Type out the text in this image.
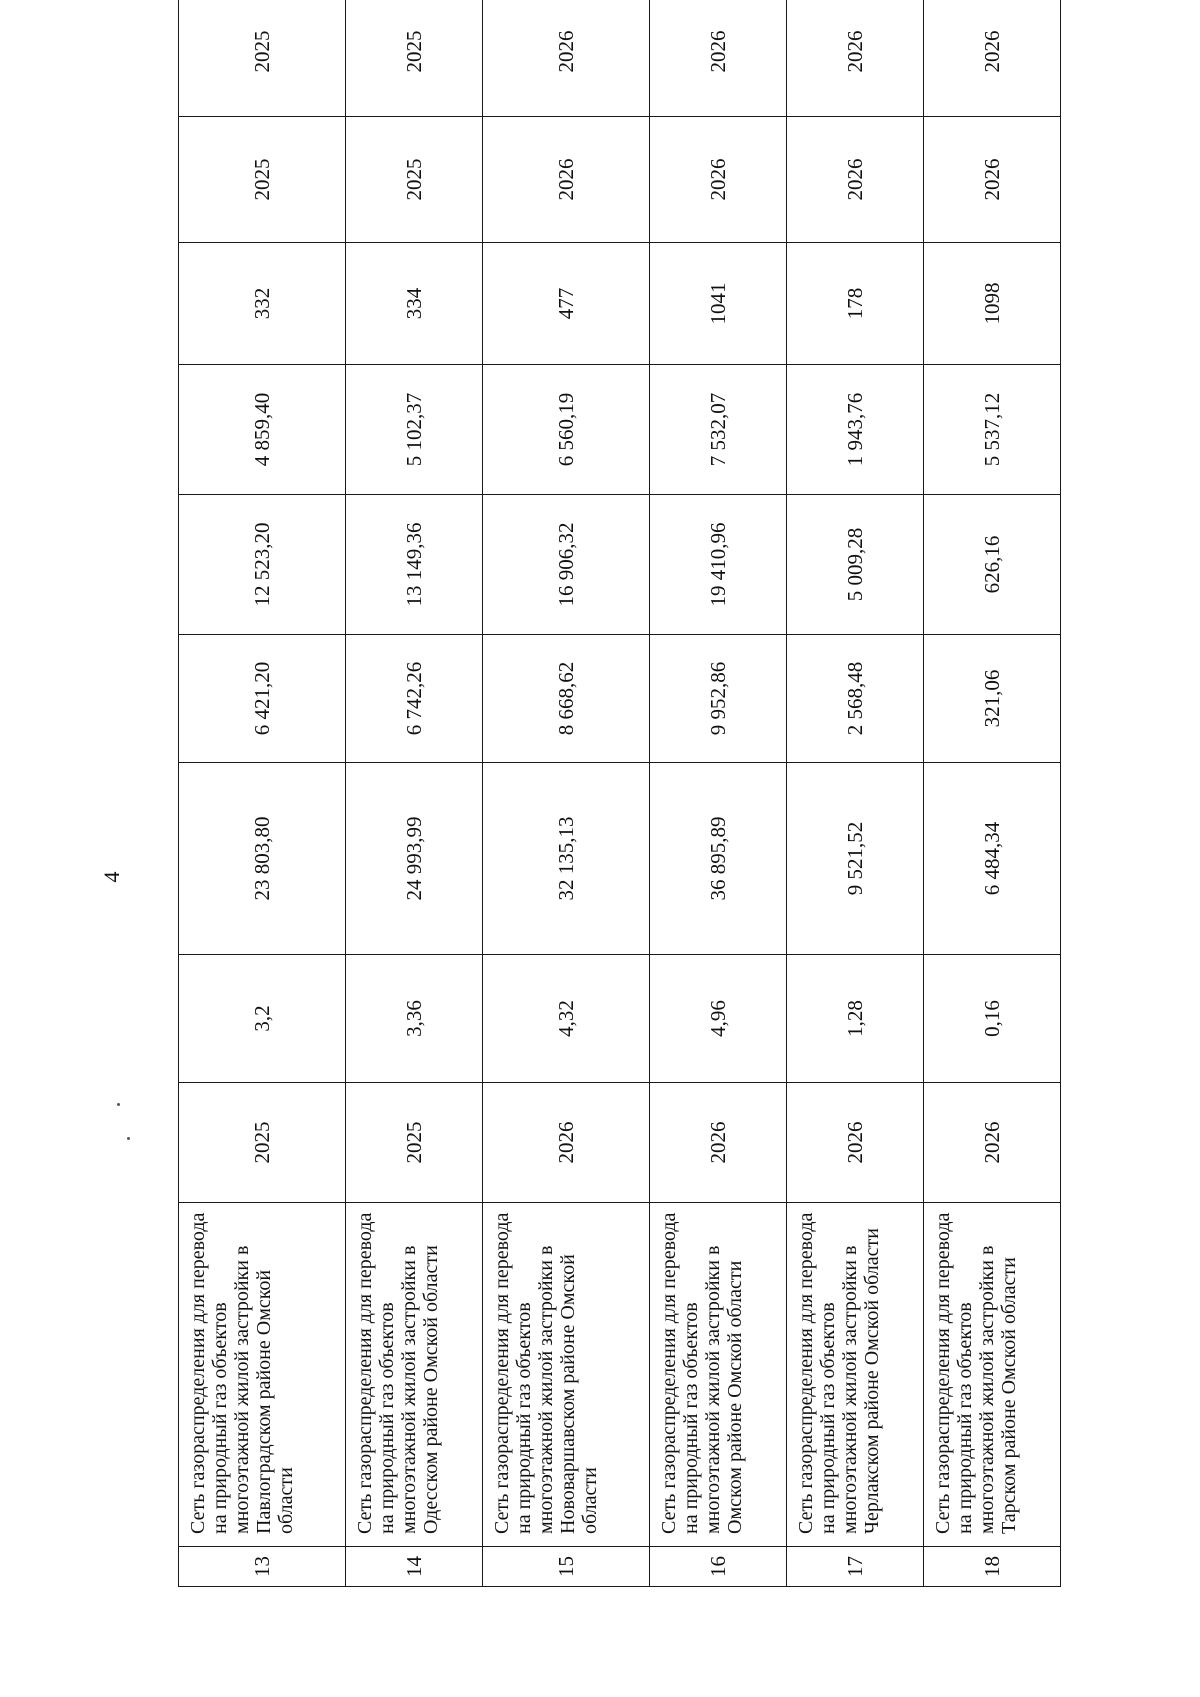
4
13	Сеть газораспределения для перевода на природный газ объектов многоэтажной жилой застройки в Павлоградском районе Омской области	2025	3,2	23 803,80	6 421,20	12 523,20	4 859,40	332	2025	2025
14	Сеть газораспределения для перевода на природный газ объектов многоэтажной жилой застройки в Одесском районе Омской области	2025	3,36	24 993,99	6 742,26	13 149,36	5 102,37	334	2025	2025
15	Сеть газораспределения для перевода на природный газ объектов многоэтажной жилой застройки в Нововаршавском районе Омской области	2026	4,32	32 135,13	8 668,62	16 906,32	6 560,19	477	2026	2026
16	Сеть газораспределения для перевода на природный газ объектов многоэтажной жилой застройки в Омском районе Омской области	2026	4,96	36 895,89	9 952,86	19 410,96	7 532,07	1041	2026	2026
17	Сеть газораспределения для перевода на природный газ объектов многоэтажной жилой застройки в Черлакском районе Омской области	2026	1,28	9 521,52	2 568,48	5 009,28	1 943,76	178	2026	2026
18	Сеть газораспределения для перевода на природный газ объектов многоэтажной жилой застройки в Тарском районе Омской области	2026	0,16	6 484,34	321,06	626,16	5 537,12	1098	2026	2026
